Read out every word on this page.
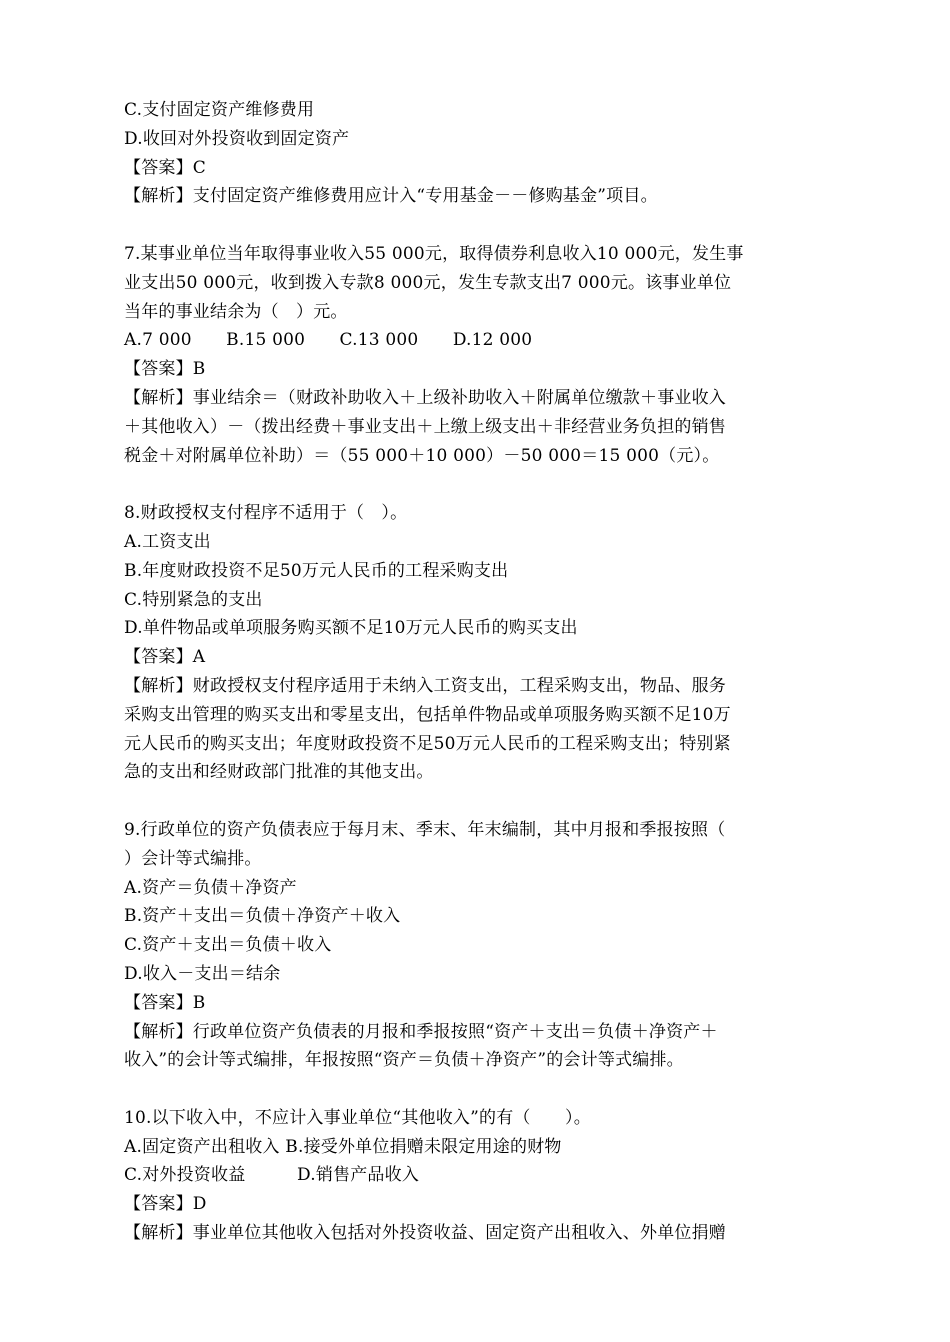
C.支付固定资产维修费用
D.收回对外投资收到固定资产
【答案】C
【解析】支付固定资产维修费用应计入“专用基金－－修购基金”项目。
7.某事业单位当年取得事业收入55 000元，取得债券利息收入10 000元，发生事
业支出50 000元，收到拨入专款8 000元，发生专款支出7 000元。该事业单位
当年的事业结余为（　）元。
A.7 000　　B.15 000　　C.13 000　　D.12 000
【答案】B
【解析】事业结余＝（财政补助收入＋上级补助收入＋附属单位缴款＋事业收入
＋其他收入）－（拨出经费＋事业支出＋上缴上级支出＋非经营业务负担的销售
税金＋对附属单位补助）＝（55 000＋10 000）－50 000＝15 000（元）。
8.财政授权支付程序不适用于（　）。
A.工资支出
B.年度财政投资不足50万元人民币的工程采购支出
C.特别紧急的支出
D.单件物品或单项服务购买额不足10万元人民币的购买支出
【答案】A
【解析】财政授权支付程序适用于未纳入工资支出，工程采购支出，物品、服务
采购支出管理的购买支出和零星支出，包括单件物品或单项服务购买额不足10万
元人民币的购买支出；年度财政投资不足50万元人民币的工程采购支出；特别紧
急的支出和经财政部门批准的其他支出。
9.行政单位的资产负债表应于每月末、季末、年末编制，其中月报和季报按照（
）会计等式编排。
A.资产＝负债＋净资产
B.资产＋支出＝负债＋净资产＋收入
C.资产＋支出＝负债＋收入
D.收入－支出＝结余
【答案】B
【解析】行政单位资产负债表的月报和季报按照“资产＋支出＝负债＋净资产＋
收入”的会计等式编排，年报按照“资产＝负债＋净资产”的会计等式编排。
10.以下收入中，不应计入事业单位“其他收入”的有（　　）。
A.固定资产出租收入 B.接受外单位捐赠未限定用途的财物
C.对外投资收益　　　D.销售产品收入
【答案】D
【解析】事业单位其他收入包括对外投资收益、固定资产出租收入、外单位捐赠
